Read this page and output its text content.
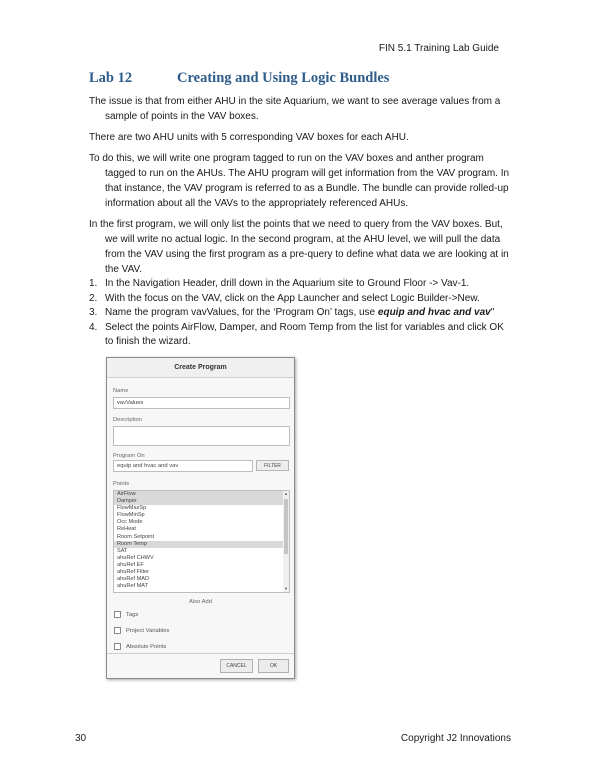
FIN 5.1 Training Lab Guide
Lab 12	Creating and Using Logic Bundles

The issue is that from either AHU in the site Aquarium, we want to see average values from a sample of points in the VAV boxes.

There are two AHU units with 5 corresponding VAV boxes for each AHU.

To do this, we will write one program tagged to run on the VAV boxes and anther program tagged to run on the AHUs. The AHU program will get information from the VAV program. In that instance, the VAV program is referred to as a Bundle. The bundle can provide rolled-up information about all the VAVs to the appropriately referenced AHUs.

In the first program, we will only list the points that we need to query from the VAV boxes. But, we will write no actual logic. In the second program, at the AHU level, we will pull the data from the VAV using the first program as a pre-query to define what data we are looking at in the VAV.

1. In the Navigation Header, drill down in the Aquarium site to Ground Floor -> Vav-1.
2. With the focus on the VAV, click on the App Launcher and select Logic Builder->New.
3. Name the program vavValues, for the ‘Program On’ tags, use equip and hvac and vav"
4. Select the points AirFlow, Damper, and Room Temp from the list for variables and click OK to finish the wizard.
Create Program
Name
vavValues
Description
Program On
equip and hvac and vav	FILTER
Points
AirFlow
Damper
FlowMaxSp
FlowMinSp
Occ Mode
ReHeat
Room Setpoint
Room Temp
SAT
ahuRef CHWV
ahuRef EF
ahuRef Filter
ahuRef MAD
ahuRef MAT
▲
▼
Also Add
Tags
Project Variables
Absolute Points
CANCEL	OK
30	Copyright J2 Innovations
